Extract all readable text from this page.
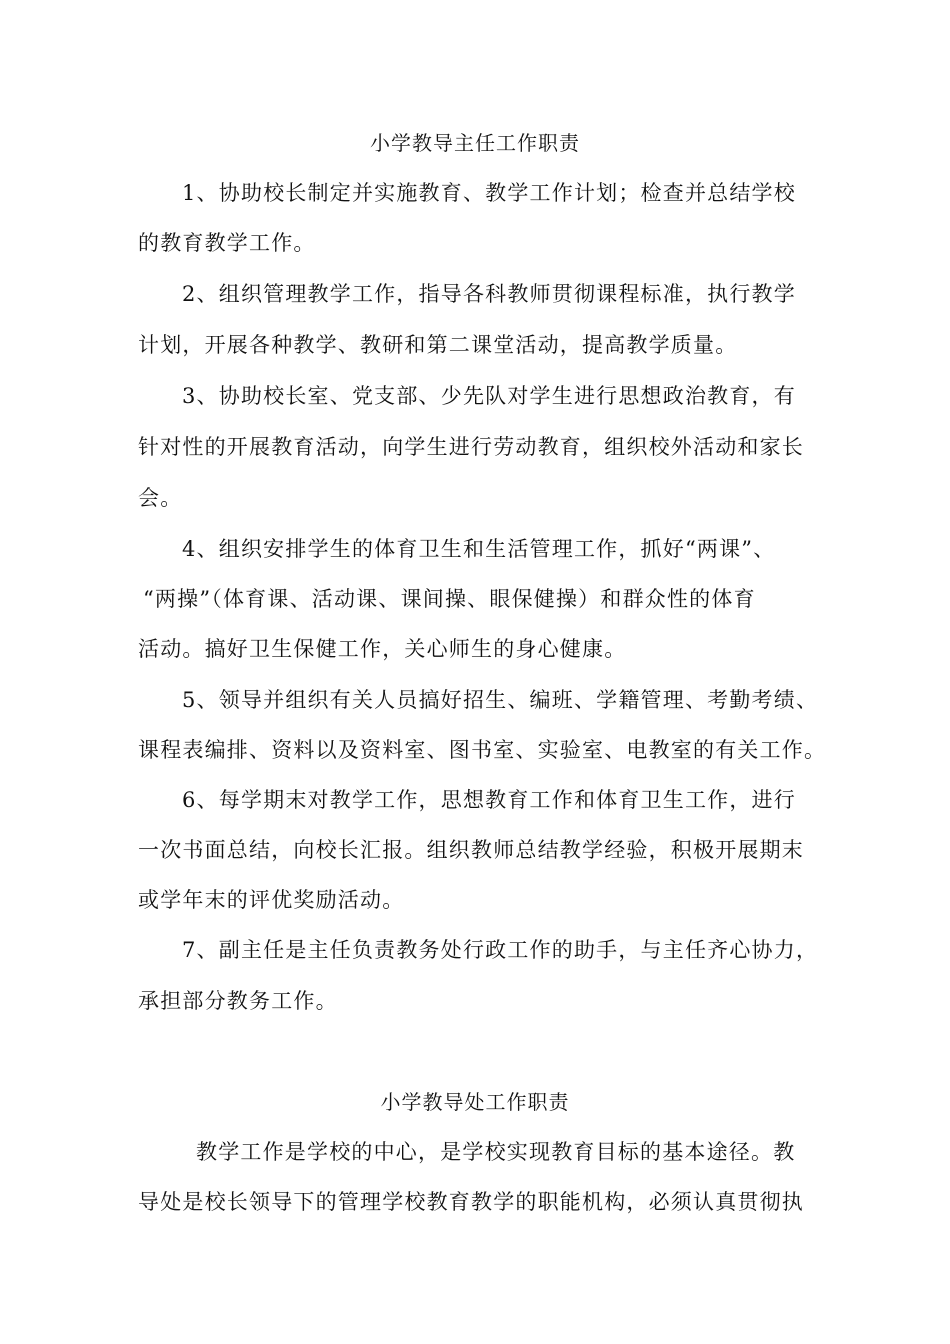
小学教导主任工作职责
1、协助校长制定并实施教育、教学工作计划；检查并总结学校
的教育教学工作。
2、组织管理教学工作，指导各科教师贯彻课程标准，执行教学
计划，开展各种教学、教研和第二课堂活动，提高教学质量。
3、协助校长室、党支部、少先队对学生进行思想政治教育，有
针对性的开展教育活动，向学生进行劳动教育，组织校外活动和家长
会。
4、组织安排学生的体育卫生和生活管理工作，抓好“两课”、
“两操”（体育课、活动课、课间操、眼保健操）和群众性的体育
活动。搞好卫生保健工作，关心师生的身心健康。
5、领导并组织有关人员搞好招生、编班、学籍管理、考勤考绩、
课程表编排、资料以及资料室、图书室、实验室、电教室的有关工作。
6、每学期末对教学工作，思想教育工作和体育卫生工作，进行
一次书面总结，向校长汇报。组织教师总结教学经验，积极开展期末
或学年末的评优奖励活动。
7、副主任是主任负责教务处行政工作的助手，与主任齐心协力，
承担部分教务工作。
小学教导处工作职责
教学工作是学校的中心，是学校实现教育目标的基本途径。教
导处是校长领导下的管理学校教育教学的职能机构，必须认真贯彻执
